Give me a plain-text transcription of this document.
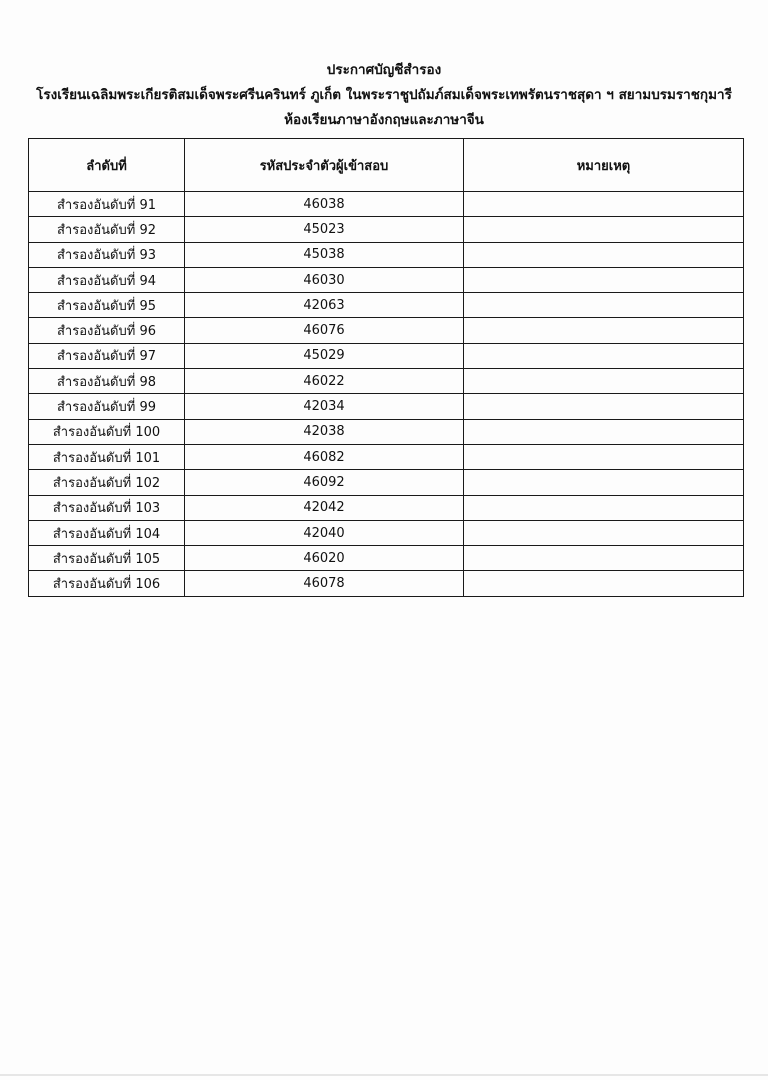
ประกาศบัญชีสำรอง
โรงเรียนเฉลิมพระเกียรติสมเด็จพระศรีนครินทร์ ภูเก็ต ในพระราชูปถัมภ์สมเด็จพระเทพรัตนราชสุดา ฯ สยามบรมราชกุมารี
ห้องเรียนภาษาอังกฤษและภาษาจีน
ลำดับที่	รหัสประจำตัวผู้เข้าสอบ	หมายเหตุ
สำรองอันดับที่ 91	46038	
สำรองอันดับที่ 92	45023	
สำรองอันดับที่ 93	45038	
สำรองอันดับที่ 94	46030	
สำรองอันดับที่ 95	42063	
สำรองอันดับที่ 96	46076	
สำรองอันดับที่ 97	45029	
สำรองอันดับที่ 98	46022	
สำรองอันดับที่ 99	42034	
สำรองอันดับที่ 100	42038	
สำรองอันดับที่ 101	46082	
สำรองอันดับที่ 102	46092	
สำรองอันดับที่ 103	42042	
สำรองอันดับที่ 104	42040	
สำรองอันดับที่ 105	46020	
สำรองอันดับที่ 106	46078	
